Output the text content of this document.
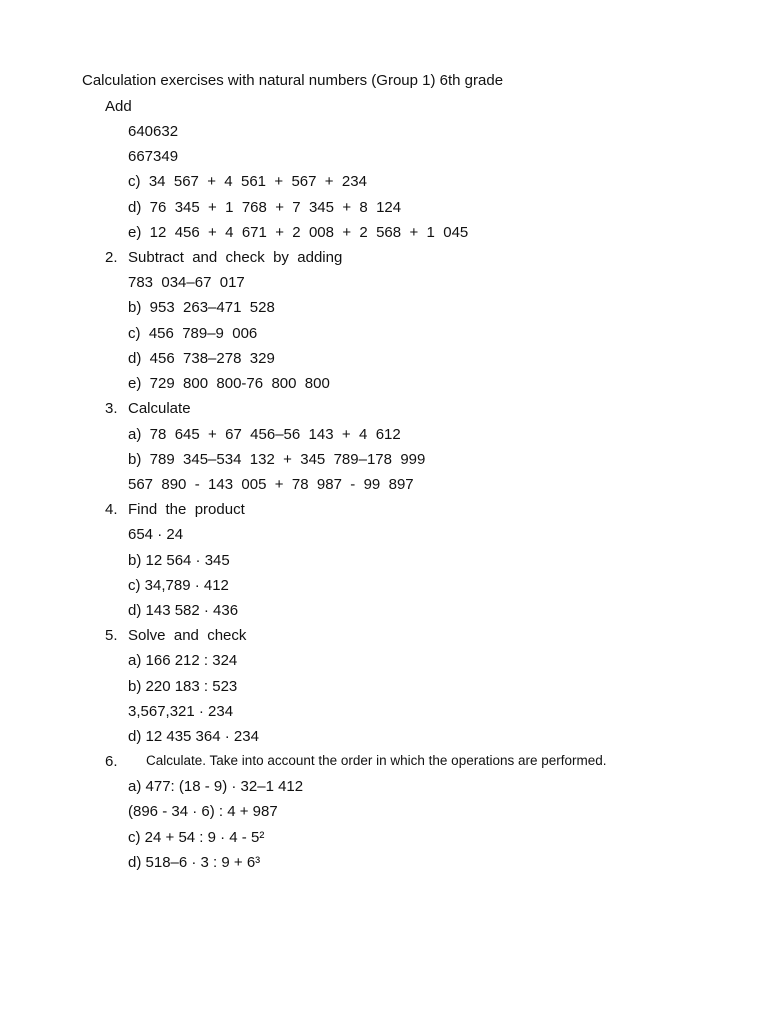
Calculation exercises with natural numbers (Group 1) 6th grade
Add
640632
667349
c)  34  567  +  4  561  +  567  +  234
d)  76  345  +  1  768  +  7  345  +  8  124
e)  12  456  +  4  671  +  2  008  +  2  568  +  1  045
2. Subtract  and  check  by  adding
783  034–67  017
b)  953  263–471  528
c)  456  789–9  006
d)  456  738–278  329
e)  729  800  800-76  800  800
3. Calculate
a)  78  645  +  67  456–56  143  +  4  612
b)  789  345–534  132  +  345  789–178  999
567  890  -  143  005  +  78  987  -  99  897
4. Find  the  product
654 · 24
b) 12 564 · 345
c) 34,789 · 412
d) 143 582 · 436
5. Solve  and  check
a) 166 212 : 324
b) 220 183 : 523
3,567,321 · 234
d) 12 435 364 · 234
6. Calculate. Take into account the order in which the operations are performed.
a) 477: (18 - 9) · 32–1 412
(896 - 34 · 6) : 4 + 987
c) 24 + 54 : 9 · 4 - 5²
d) 518–6 · 3 : 9 + 6³
